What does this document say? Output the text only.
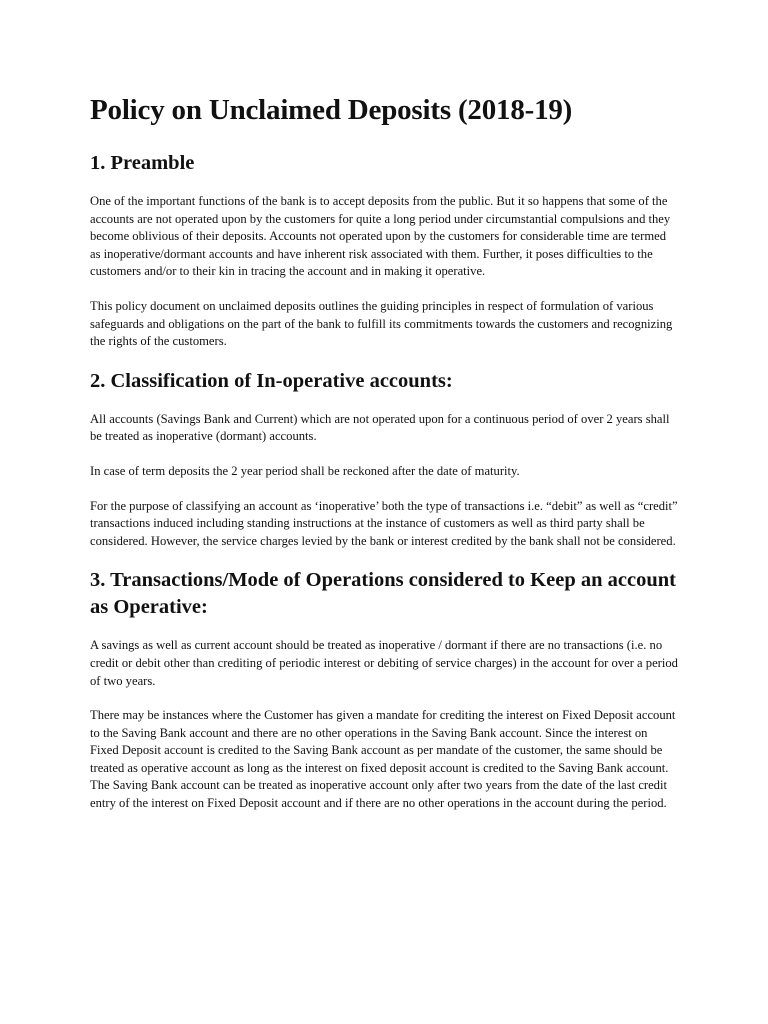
Policy on Unclaimed Deposits (2018-19)
1. Preamble

One of the important functions of the bank is to accept deposits from the public. But it so happens that some of the accounts are not operated upon by the customers for quite a long period under circumstantial compulsions and they become oblivious of their deposits. Accounts not operated upon by the customers for considerable time are termed as inoperative/dormant accounts and have inherent risk associated with them. Further, it poses difficulties to the customers and/or to their kin in tracing the account and in making it operative.

This policy document on unclaimed deposits outlines the guiding principles in respect of formulation of various safeguards and obligations on the part of the bank to fulfill its commitments towards the customers and recognizing the rights of the customers.

2. Classification of In-operative accounts:

All accounts (Savings Bank and Current) which are not operated upon for a continuous period of over 2 years shall be treated as inoperative (dormant) accounts.

In case of term deposits the 2 year period shall be reckoned after the date of maturity.

For the purpose of classifying an account as ‘inoperative’ both the type of transactions i.e. “debit” as well as “credit” transactions induced including standing instructions at the instance of customers as well as third party shall be considered. However, the service charges levied by the bank or interest credited by the bank shall not be considered.

3. Transactions/Mode of Operations considered to Keep an account as Operative:

A savings as well as current account should be treated as inoperative / dormant if there are no transactions (i.e. no credit or debit other than crediting of periodic interest or debiting of service charges) in the account for over a period of two years.

There may be instances where the Customer has given a mandate for crediting the interest on Fixed Deposit account to the Saving Bank account and there are no other operations in the Saving Bank account. Since the interest on Fixed Deposit account is credited to the Saving Bank account as per mandate of the customer, the same should be treated as operative account as long as the interest on fixed deposit account is credited to the Saving Bank account. The Saving Bank account can be treated as inoperative account only after two years from the date of the last credit entry of the interest on Fixed Deposit account and if there are no other operations in the account during the period.
